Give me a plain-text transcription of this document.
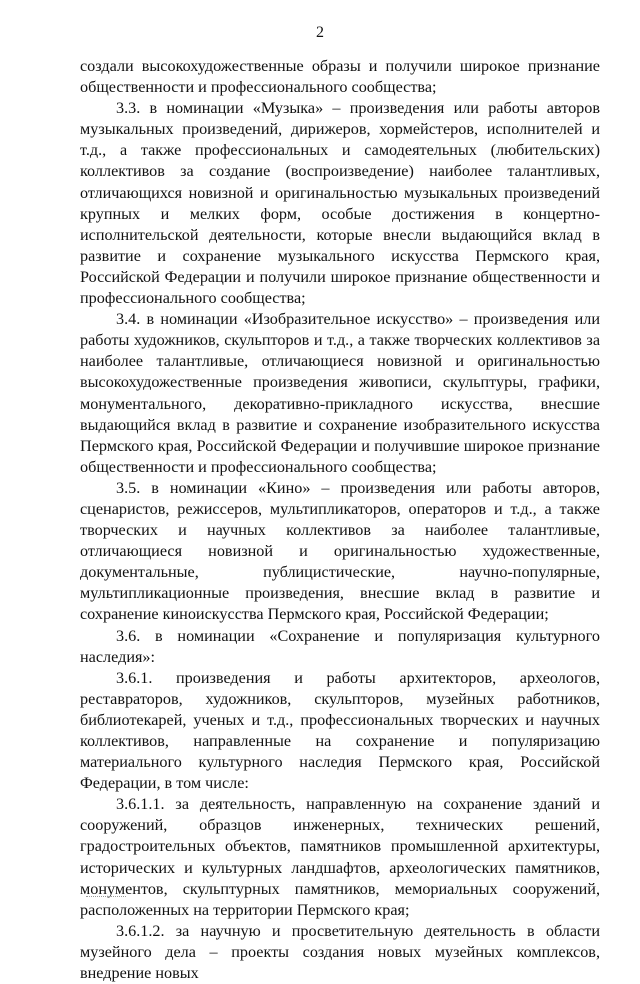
2

создали высокохудожественные образы и получили широкое признание общественности и профессионального сообщества;

3.3. в номинации «Музыка» – произведения или работы авторов музыкальных произведений, дирижеров, хормейстеров, исполнителей и т.д., а также профессиональных и самодеятельных (любительских) коллективов за создание (воспроизведение) наиболее талантливых, отличающихся новизной и оригинальностью музыкальных произведений крупных и мелких форм, особые достижения в концертно-исполнительской деятельности, которые внесли выдающийся вклад в развитие и сохранение музыкального искусства Пермского края, Российской Федерации и получили широкое признание общественности и профессионального сообщества;

3.4. в номинации «Изобразительное искусство» – произведения или работы художников, скульпторов и т.д., а также творческих коллективов за наиболее талантливые, отличающиеся новизной и оригинальностью высокохудожественные произведения живописи, скульптуры, графики, монументального, декоративно-прикладного искусства, внесшие выдающийся вклад в развитие и сохранение изобразительного искусства Пермского края, Российской Федерации и получившие широкое признание общественности и профессионального сообщества;

3.5. в номинации «Кино» – произведения или работы авторов, сценаристов, режиссеров, мультипликаторов, операторов и т.д., а также творческих и научных коллективов за наиболее талантливые, отличающиеся новизной и оригинальностью художественные, документальные, публицистические, научно-популярные, мультипликационные произведения, внесшие вклад в развитие и сохранение киноискусства Пермского края, Российской Федерации;

3.6. в номинации «Сохранение и популяризация культурного наследия»:

3.6.1. произведения и работы архитекторов, археологов, реставраторов, художников, скульпторов, музейных работников, библиотекарей, ученых и т.д., профессиональных творческих и научных коллективов, направленные на сохранение и популяризацию материального культурного наследия Пермского края, Российской Федерации, в том числе:

3.6.1.1. за деятельность, направленную на сохранение зданий и сооружений, образцов инженерных, технических решений, градостроительных объектов, памятников промышленной архитектуры, исторических и культурных ландшафтов, археологических памятников, монументов, скульптурных памятников, мемориальных сооружений, расположенных на территории Пермского края;

3.6.1.2. за научную и просветительную деятельность в области музейного дела – проекты создания новых музейных комплексов, внедрение новых
